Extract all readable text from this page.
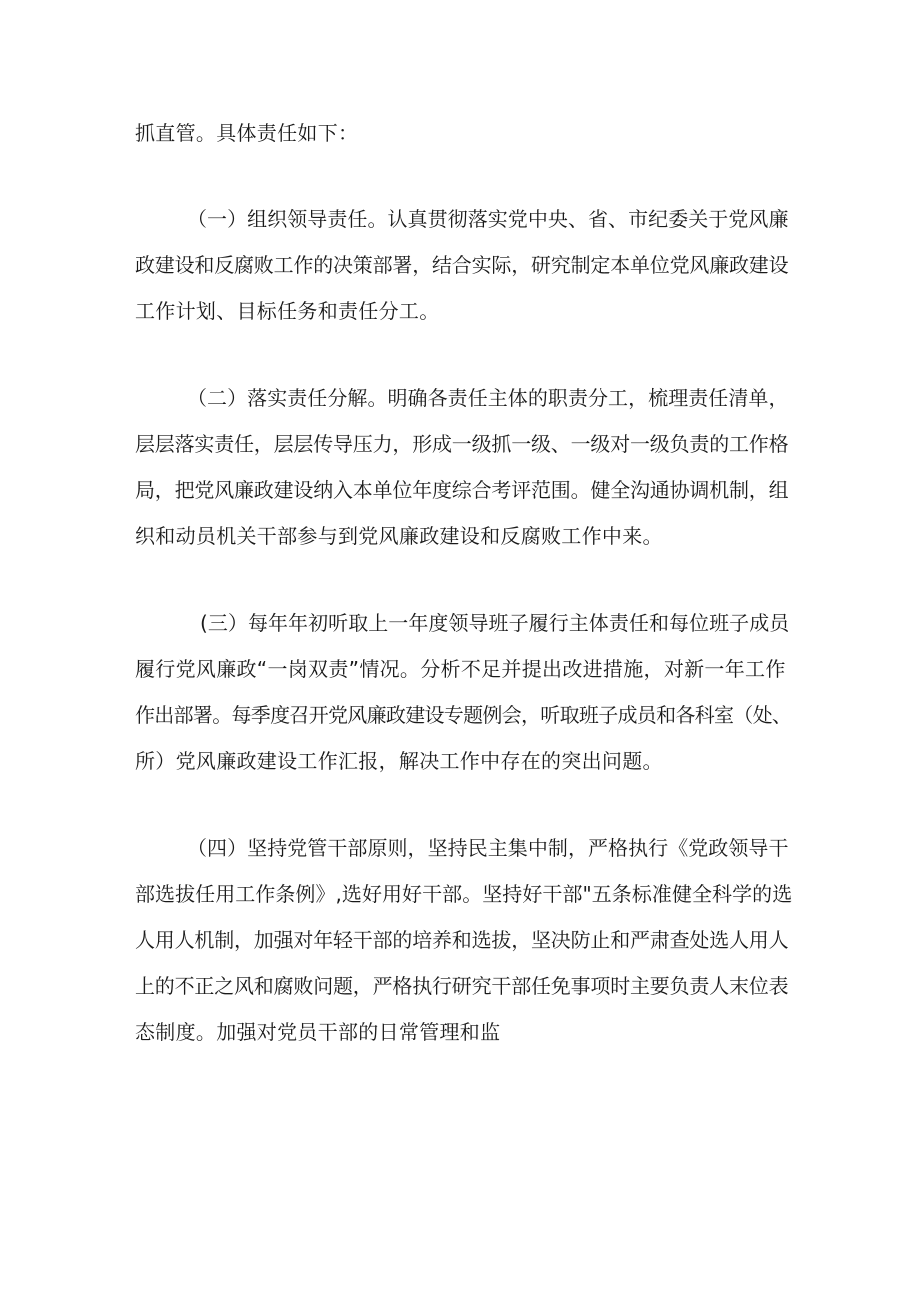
抓直管。具体责任如下：
（一）组织领导责任。认真贯彻落实党中央、省、市纪委关于党风廉
政建设和反腐败工作的决策部署，结合实际，研究制定本单位党风廉政建设
工作计划、目标任务和责任分工。
（二）落实责任分解。明确各责任主体的职责分工，梳理责任清单，
层层落实责任，层层传导压力，形成一级抓一级、一级对一级负责的工作格
局，把党风廉政建设纳入本单位年度综合考评范围。健全沟通协调机制，组
织和动员机关干部参与到党风廉政建设和反腐败工作中来。
(三）每年年初听取上一年度领导班子履行主体责任和每位班子成员
履行党风廉政“一岗双责”情况。分析不足并提出改进措施，对新一年工作
作出部署。每季度召开党风廉政建设专题例会，听取班子成员和各科室（处、
所）党风廉政建设工作汇报，解决工作中存在的突出问题。
（四）坚持党管干部原则，坚持民主集中制，严格执行《党政领导干
部选拔任用工作条例》,选好用好干部。坚持好干部"五条标准健全科学的选
人用人机制，加强对年轻干部的培养和选拔，坚决防止和严肃查处选人用人
上的不正之风和腐败问题，严格执行研究干部任免事项时主要负责人末位表
态制度。加强对党员干部的日常管理和监
